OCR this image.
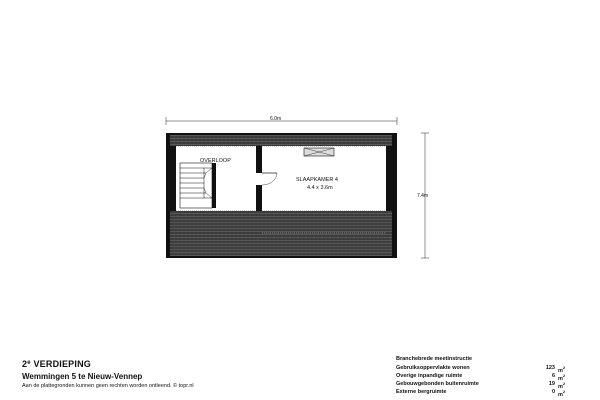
6.0m
7.4m
OVERLOOP
SLAAPKAMER 4
4.4 x 3.6m
2e VERDIEPING
Wemmingen 5 te Nieuw-Vennep
Aan de plattegronden kunnen geen rechten worden ontleend. © topr.nl
Branchebrede meetinstructie
Gebruiksoppervlakte wonen	123 $m^2$
Overige inpandige ruimte	6 $m^2$
Gebouwgebonden buitenruimte	19 $m^2$
Externe bergruimte	0 $m^2$
